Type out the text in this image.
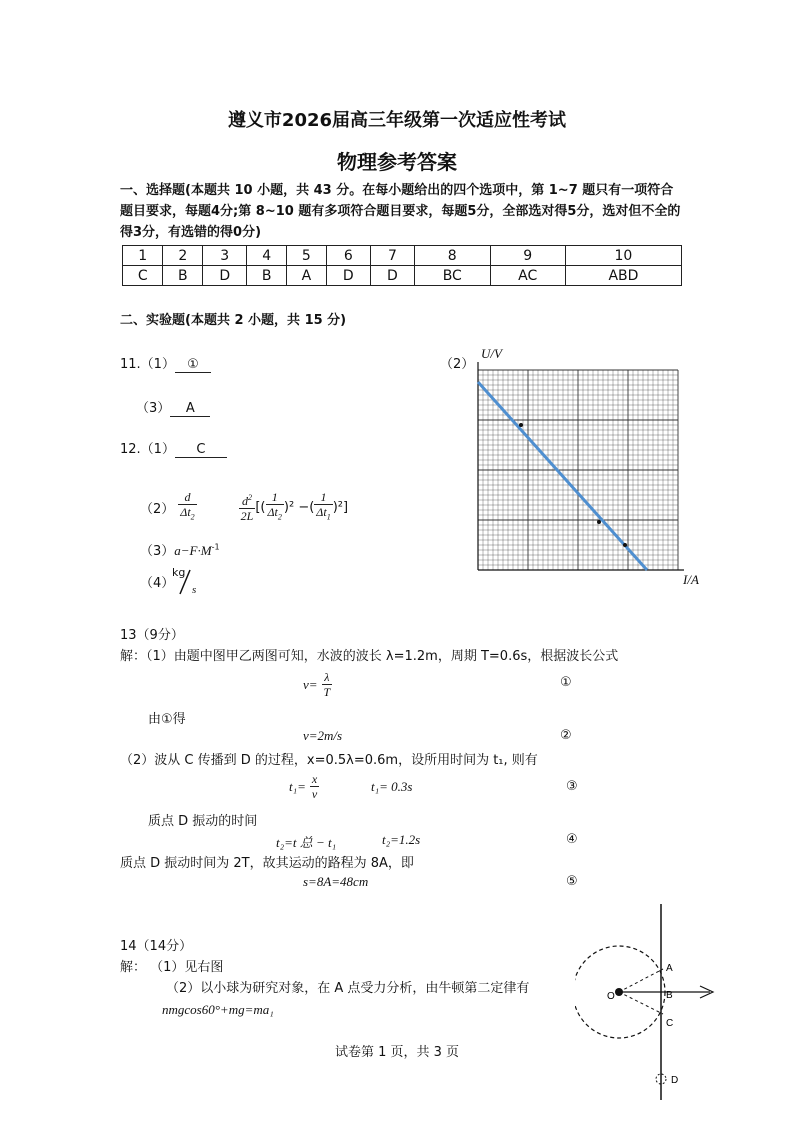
遵义市2026届高三年级第一次适应性考试
物理参考答案
一、选择题(本题共 10 小题，共 43 分。在每小题给出的四个选项中，第 1~7 题只有一项符合题目要求，每题4分;第 8~10 题有多项符合题目要求，每题5分，全部选对得5分，选对但不全的得3分，有选错的得0分)
1	2	3	4	5	6	7	8	9	10
C	B	D	B	A	D	D	BC	AC	ABD
二、实验题(本题共 2 小题，共 15 分)
11.（1） ①
（3） A
（2）
12.（1） C
$(2) \frac{d}{\Delta t_2}$	$\frac{d^2}{2L}$ [( $\frac{1}{\Delta t_2} )^2$ −( $\frac{1}{\Delta t_1} )^2$]
$(3)a-F\cdot M^{-1}$
（4）
kg
s
U/V
I/A
13（9分）
解：（1）由题中图甲乙两图可知，水波的波长 λ=1.2m，周期 T=0.6s，根据波长公式
$v= \frac{\lambda}{T}$	①
由①得
v=2m/s	②
（2）波从 C 传播到 D 的过程，x=0.5λ=0.6m，设所用时间为 t₁, 则有
$t_1= \frac{x}{v}$	t₁= 0.3s	③
质点 D 振动的时间
t₂=t 总 − t₁	t₂=1.2s	④
质点 D 振动时间为 2T，故其运动的路程为 8A，即
s=8A=48cm	⑤
14（14分）
解： （1）见右图
（2）以小球为研究对象，在 A 点受力分析，由牛顿第二定律有
nmgcos60°+mg=ma₁
A
B
C
O
D
试卷第 1 页，共 3 页
